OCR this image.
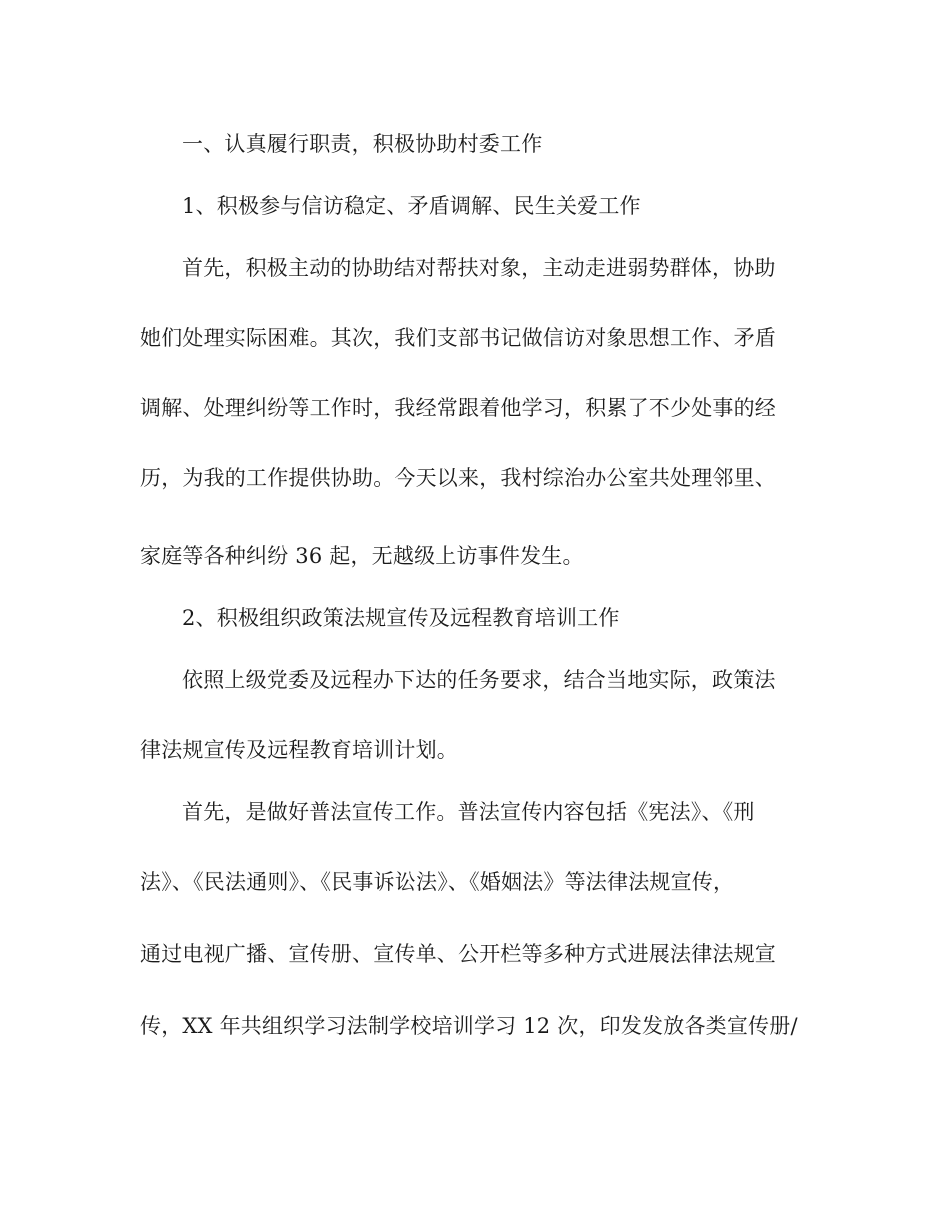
一、认真履行职责，积极协助村委工作

1、积极参与信访稳定、矛盾调解、民生关爱工作

首先，积极主动的协助结对帮扶对象，主动走进弱势群体，协助

她们处理实际困难。其次，我们支部书记做信访对象思想工作、矛盾

调解、处理纠纷等工作时，我经常跟着他学习，积累了不少处事的经

历，为我的工作提供协助。今天以来，我村综治办公室共处理邻里、

家庭等各种纠纷 36 起，无越级上访事件发生。

2、积极组织政策法规宣传及远程教育培训工作

依照上级党委及远程办下达的任务要求，结合当地实际，政策法

律法规宣传及远程教育培训计划。

首先，是做好普法宣传工作。普法宣传内容包括《宪法》、《刑

法》、《民法通则》、《民事诉讼法》、《婚姻法》等法律法规宣传，

通过电视广播、宣传册、宣传单、公开栏等多种方式进展法律法规宣

传，XX 年共组织学习法制学校培训学习 12 次，印发发放各类宣传册/
